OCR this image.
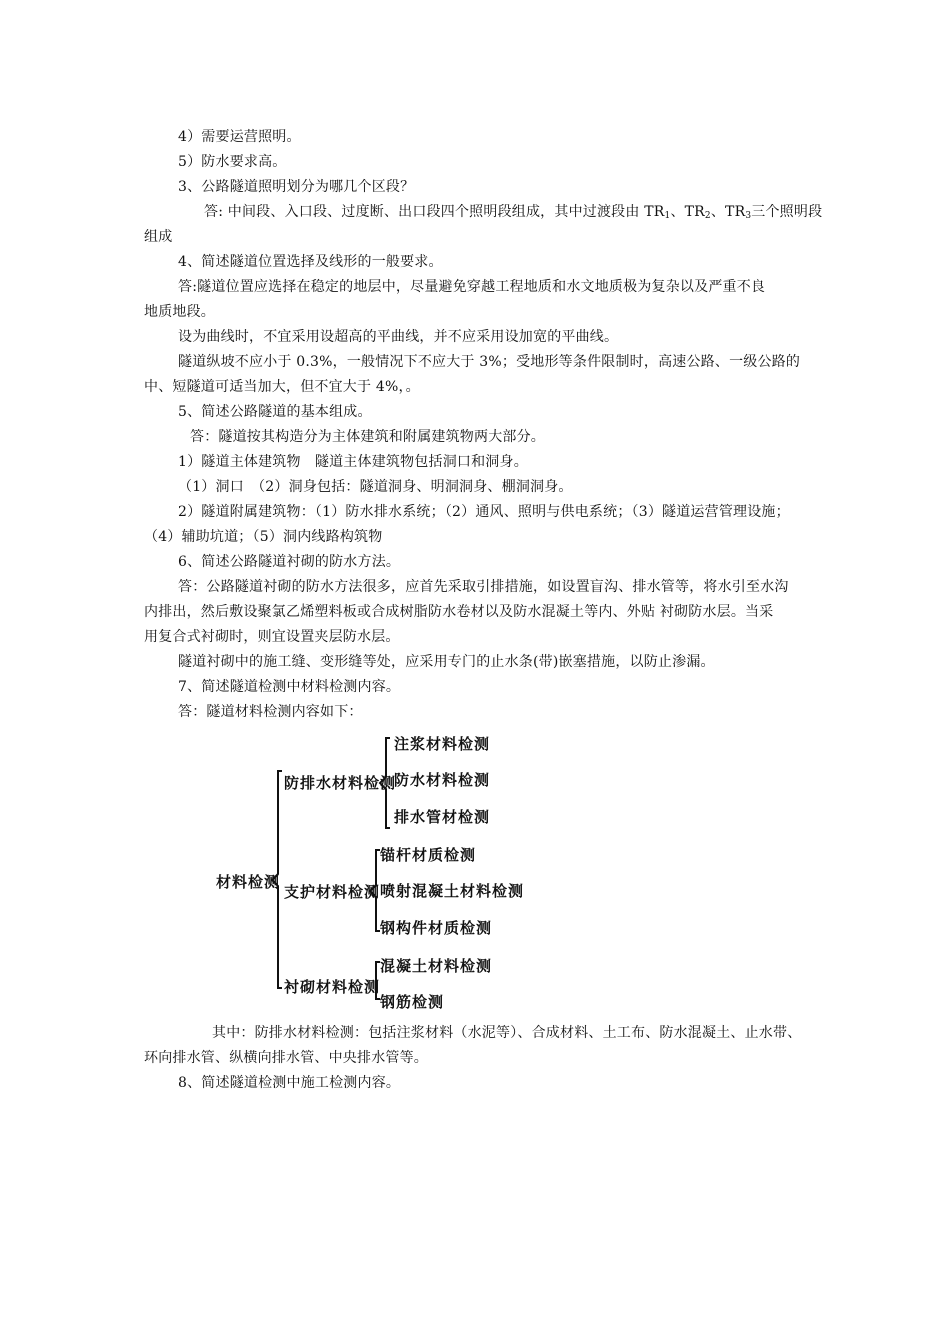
4）需要运营照明。
5）防水要求高。
3、公路隧道照明划分为哪几个区段？
答: 中间段、入口段、过度断、出口段四个照明段组成，其中过渡段由 $TR_1$、$TR_2$、$TR_3$三个照明段
组成
4、简述隧道位置选择及线形的一般要求。
答:隧道位置应选择在稳定的地层中，尽量避免穿越工程地质和水文地质极为复杂以及严重不良
地质地段。
设为曲线时，不宜采用设超高的平曲线，并不应采用设加宽的平曲线。
隧道纵坡不应小于 0.3%，一般情况下不应大于 3%；受地形等条件限制时，高速公路、一级公路的
中、短隧道可适当加大，但不宜大于 4%，。
5、简述公路隧道的基本组成。
答：隧道按其构造分为主体建筑和附属建筑物两大部分。
1）隧道主体建筑物　隧道主体建筑物包括洞口和洞身。
（1）洞口　（2）洞身包括：隧道洞身、明洞洞身、棚洞洞身。
2）隧道附属建筑物：（1）防水排水系统；（2）通风、照明与供电系统；（3）隧道运营管理设施；
（4）辅助坑道；（5）洞内线路构筑物
6、简述公路隧道衬砌的防水方法。
答：公路隧道衬砌的防水方法很多，应首先采取引排措施，如设置盲沟、排水管等，将水引至水沟
内排出，然后敷设聚氯乙烯塑料板或合成树脂防水卷材以及防水混凝土等内、外贴 衬砌防水层。当采
用复合式衬砌时，则宜设置夹层防水层。
隧道衬砌中的施工缝、变形缝等处，应采用专门的止水条(带)嵌塞措施，以防止渗漏。
7、简述隧道检测中材料检测内容。
答：隧道材料检测内容如下：
材料检测
防排水材料检测
注浆材料检测
防水材料检测
排水管材检测
支护材料检测
锚杆材质检测
喷射混凝土材料检测
钢构件材质检测
衬砌材料检测
混凝土材料检测
钢筋检测
其中：防排水材料检测：包括注浆材料（水泥等）、合成材料、土工布、防水混凝土、止水带、
环向排水管、纵横向排水管、中央排水管等。
8、简述隧道检测中施工检测内容。
